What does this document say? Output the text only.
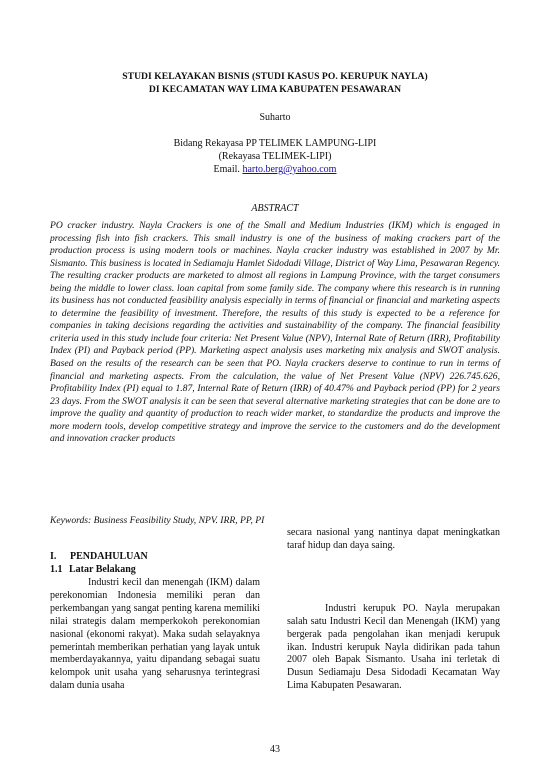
STUDI KELAYAKAN BISNIS (STUDI KASUS PO. KERUPUK NAYLA)
DI KECAMATAN WAY LIMA KABUPATEN PESAWARAN
Suharto
Bidang Rekayasa PP TELIMEK LAMPUNG-LIPI
(Rekayasa TELIMEK-LIPI)
Email. harto.berg@yahoo.com
ABSTRACT
PO cracker industry. Nayla Crackers is one of the Small and Medium Industries (IKM) which is engaged in processing fish into fish crackers. This small industry is one of the business of making crackers part of the production process is using modern tools or machines. Nayla cracker industry was established in 2007 by Mr. Sismanto. This business is located in Sediamaju Hamlet Sidodadi Village, District of Way Lima, Pesawaran Regency. The resulting cracker products are marketed to almost all regions in Lampung Province, with the target consumers being the middle to lower class. loan capital from some family side. The company where this research is in running its business has not conducted feasibility analysis especially in terms of financial or financial and marketing aspects to determine the feasibility of investment. Therefore, the results of this study is expected to be a reference for companies in taking decisions regarding the activities and sustainability of the company. The financial feasibility criteria used in this study include four criteria: Net Present Value (NPV), Internal Rate of Return (IRR), Profitability Index (PI) and Payback period (PP). Marketing aspect analysis uses marketing mix analysis and SWOT analysis. Based on the results of the research can be seen that PO. Nayla crackers deserve to continue to run in terms of financial and marketing aspects. From the calculation, the value of Net Present Value (NPV) 226.745.626, Profitability Index (PI) equal to 1.87, Internal Rate of Return (IRR) of 40.47% and Payback period (PP) for 2 years 23 days. From the SWOT analysis it can be seen that several alternative marketing strategies that can be done are to improve the quality and quantity of production to reach wider market, to standardize the products and improve the more modern tools, develop competitive strategy and improve the service to the customers and do the development and innovation cracker products
Keywords: Business Feasibility Study, NPV. IRR, PP, PI
I.	PENDAHULUAN
1.1 Latar Belakang

Industri kecil dan menengah (IKM) dalam perekonomian Indonesia memiliki peran dan perkembangan yang sangat penting karena memiliki nilai strategis dalam memperkokoh perekonomian nasional (ekonomi rakyat). Maka sudah selayaknya pemerintah memberikan perhatian yang layak untuk memberdayakannya, yaitu dipandang sebagai suatu kelompok unit usaha yang seharusnya terintegrasi dalam dunia usaha

secara nasional yang nantinya dapat meningkatkan taraf hidup dan daya saing.

Industri kerupuk PO. Nayla merupakan salah satu Industri Kecil dan Menengah (IKM) yang bergerak pada pengolahan ikan menjadi kerupuk ikan. Industri kerupuk Nayla didirikan pada tahun 2007 oleh Bapak Sismanto. Usaha ini terletak di Dusun Sediamaju Desa Sidodadi Kecamatan Way Lima Kabupaten Pesawaran.

43
